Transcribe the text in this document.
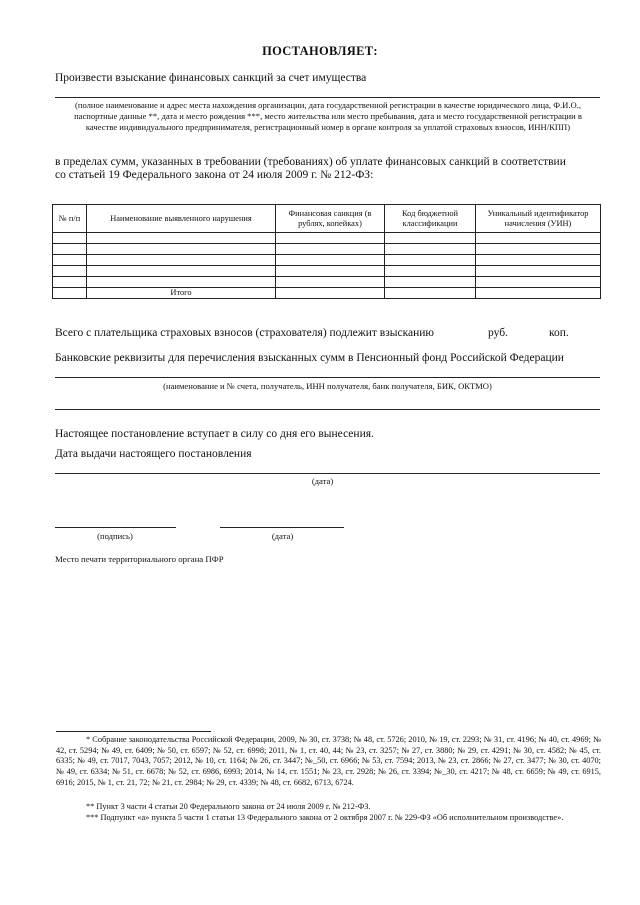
ПОСТАНОВЛЯЕТ:
Произвести взыскание финансовых санкций за счет имущества
(полное наименование и адрес места нахождения организации, дата государственной регистрации в качестве юридического лица, Ф.И.О., паспортные данные **, дата и место рождения ***, место жительства или место пребывания, дата и место государственной регистрации в качестве индивидуального предпринимателя, регистрационный номер в органе контроля за уплатой страховых взносов, ИНН/КПП)
в пределах сумм, указанных в требовании (требованиях) об уплате финансовых санкций в соответствии
со статьей 19 Федерального закона от 24 июля 2009 г. № 212-ФЗ:
№ п/п	Наименование выявленного нарушения	Финансовая санкция (в рублях, копейках)	Код бюджетной классификации	Уникальный идентификатор начисления (УИН)

	Итого			
Всего с плательщика страховых взносов (страхователя) подлежит взысканию	руб.	коп.
Банковские реквизиты для перечисления взысканных сумм в Пенсионный фонд Российской Федерации
(наименование и № счета, получатель, ИНН получателя, банк получателя, БИК, ОКТМО)
Настоящее постановление вступает в силу со дня его вынесения.
Дата выдачи настоящего постановления
(дата)
(подпись)	(дата)
Место печати территориального органа ПФР
* Собрание законодательства Российской Федерации, 2009, № 30, ст. 3738; № 48, ст. 5726; 2010, № 19, ст. 2293; № 31, ст. 4196; № 40, ст. 4969; № 42, ст. 5294; № 49, ст. 6409; № 50, ст. 6597; № 52, ст. 6998; 2011, № 1, ст. 40, 44; № 23, ст. 3257; № 27, ст. 3880; № 29, ст. 4291; № 30, ст. 4582; № 45, ст. 6335; № 49, ст. 7017, 7043, 7057; 2012, № 10, ст. 1164; № 26, ст. 3447; №_50, ст. 6966; № 53, ст. 7594; 2013, № 23, ст. 2866; № 27, ст. 3477; № 30, ст. 4070; № 49, ст. 6334; № 51, ст. 6678; № 52, ст. 6986, 6993; 2014, № 14, ст. 1551; № 23, ст. 2928; № 26, ст. 3394; №_30, ст. 4217; № 48, ст. 6659; № 49, ст. 6915, 6916; 2015, № 1, ст. 21, 72; № 21, ст. 2984; № 29, ст. 4339; № 48, ст. 6682, 6713, 6724.
** Пункт 3 части 4 статьи 20 Федерального закона от 24 июля 2009 г. № 212-ФЗ.
*** Подпункт «а» пункта 5 части 1 статьи 13 Федерального закона от 2 октября 2007 г. № 229-ФЗ «Об исполнительном производстве».
